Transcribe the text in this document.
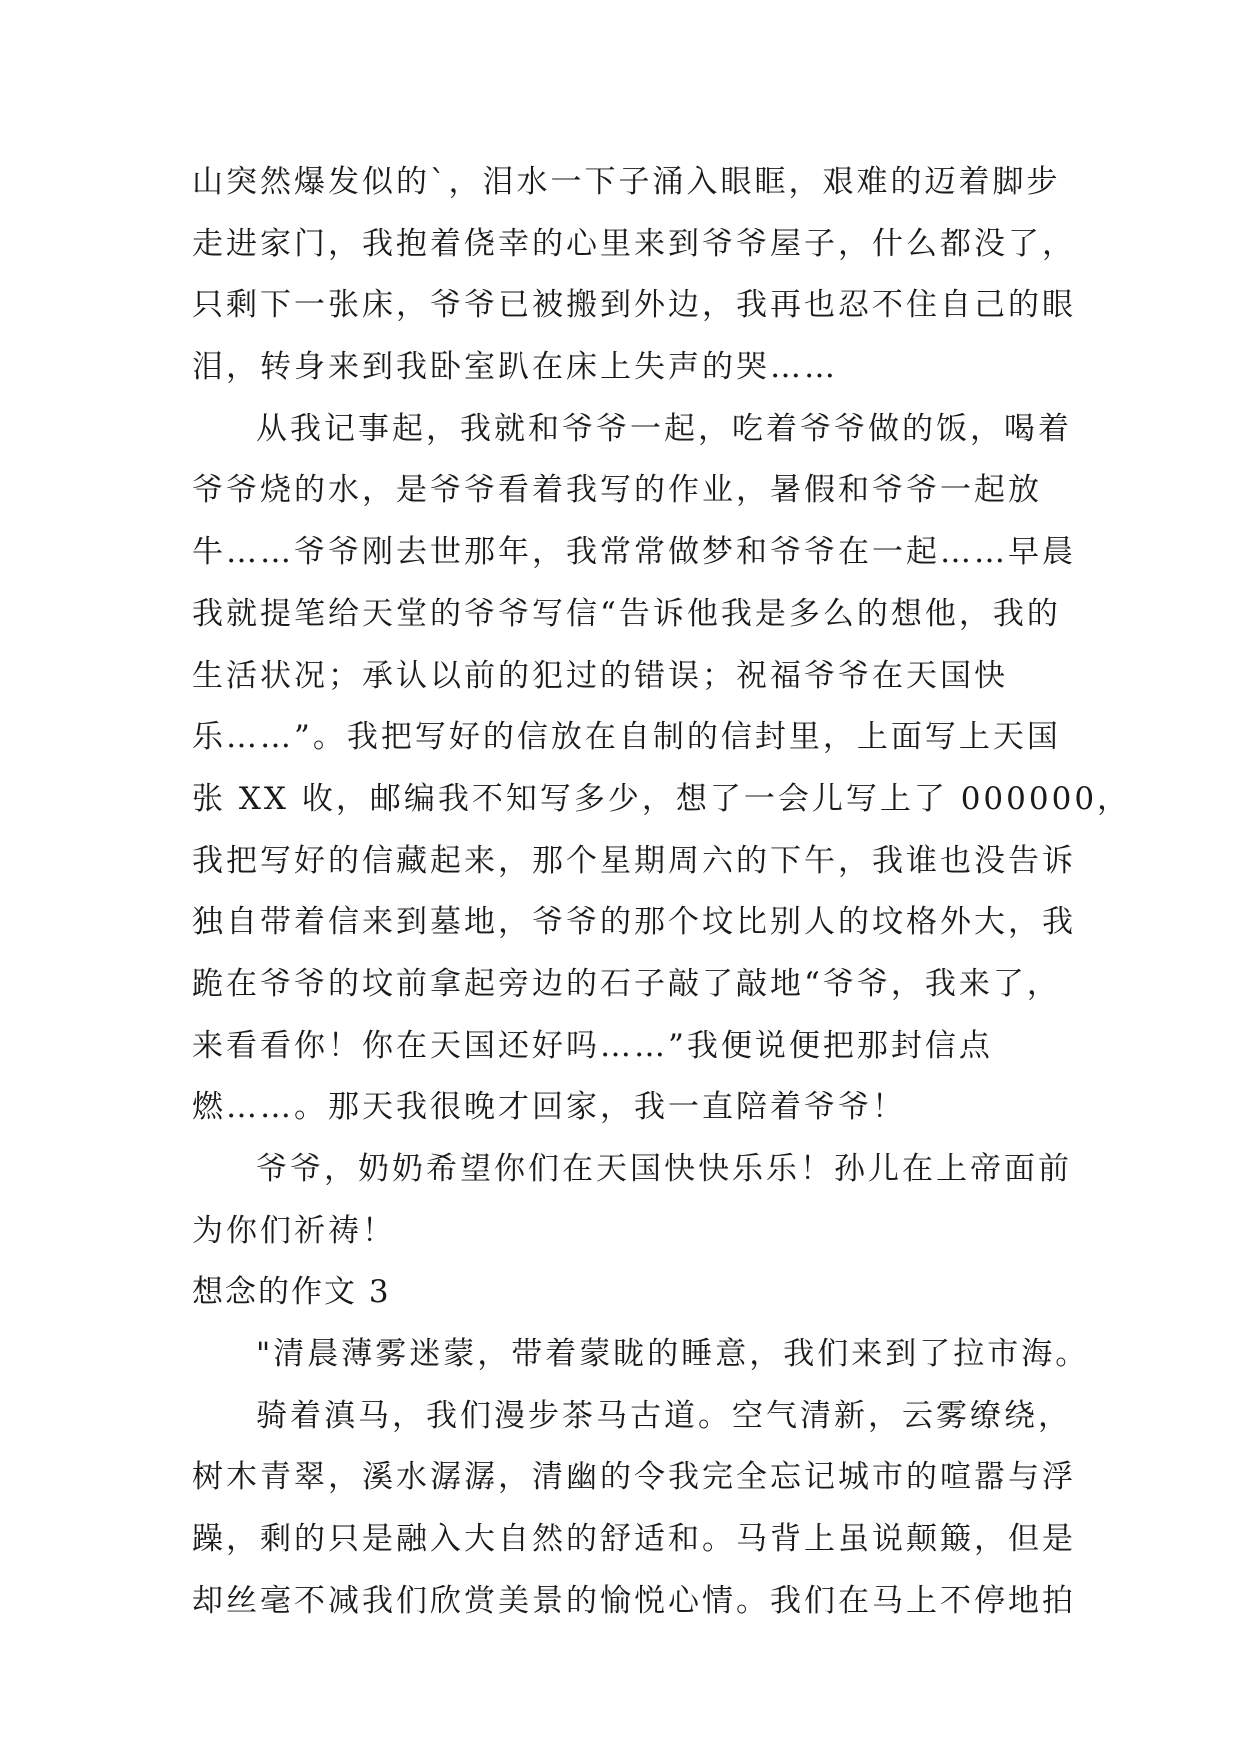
山突然爆发似的`，泪水一下子涌入眼眶，艰难的迈着脚步
走进家门，我抱着侥幸的心里来到爷爷屋子，什么都没了，
只剩下一张床，爷爷已被搬到外边，我再也忍不住自己的眼
泪，转身来到我卧室趴在床上失声的哭……
从我记事起，我就和爷爷一起，吃着爷爷做的饭，喝着
爷爷烧的水，是爷爷看着我写的作业，暑假和爷爷一起放
牛……爷爷刚去世那年，我常常做梦和爷爷在一起……早晨
我就提笔给天堂的爷爷写信“告诉他我是多么的想他，我的
生活状况；承认以前的犯过的错误；祝福爷爷在天国快
乐……”。我把写好的信放在自制的信封里，上面写上天国
张 XX 收，邮编我不知写多少，想了一会儿写上了 000000，
我把写好的信藏起来，那个星期周六的下午，我谁也没告诉
独自带着信来到墓地，爷爷的那个坟比别人的坟格外大，我
跪在爷爷的坟前拿起旁边的石子敲了敲地“爷爷，我来了，
来看看你！你在天国还好吗……”我便说便把那封信点
燃……。那天我很晚才回家，我一直陪着爷爷！
爷爷，奶奶希望你们在天国快快乐乐！孙儿在上帝面前
为你们祈祷！
想念的作文 3
"清晨薄雾迷蒙，带着蒙眬的睡意，我们来到了拉市海。
骑着滇马，我们漫步茶马古道。空气清新，云雾缭绕，
树木青翠，溪水潺潺，清幽的令我完全忘记城市的喧嚣与浮
躁，剩的只是融入大自然的舒适和。马背上虽说颠簸，但是
却丝毫不减我们欣赏美景的愉悦心情。我们在马上不停地拍
